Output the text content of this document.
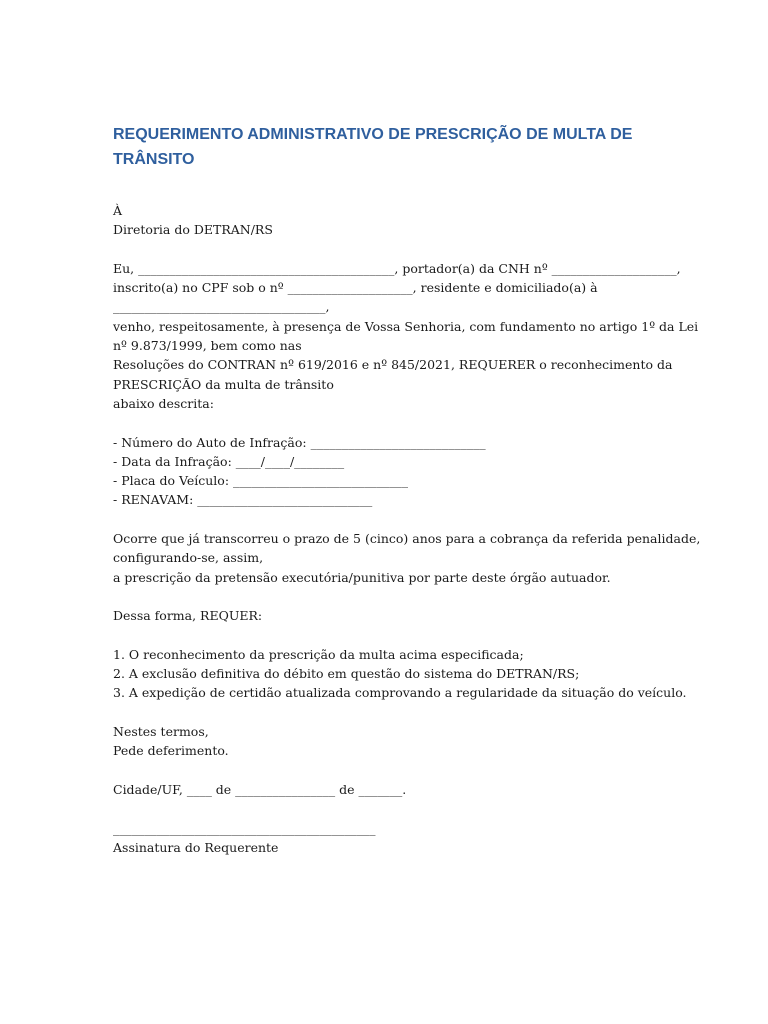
REQUERIMENTO ADMINISTRATIVO DE PRESCRIÇÃO DE MULTA DE
TRÂNSITO
À
Diretoria do DETRAN/RS
Eu, _________________________________________, portador(a) da CNH nº ____________________,
inscrito(a) no CPF sob o nº ____________________, residente e domiciliado(a) à
__________________________________,
venho, respeitosamente, à presença de Vossa Senhoria, com fundamento no artigo 1º da Lei
nº 9.873/1999, bem como nas
Resoluções do CONTRAN nº 619/2016 e nº 845/2021, REQUERER o reconhecimento da
PRESCRIÇÃO da multa de trânsito
abaixo descrita:
- Número do Auto de Infração: ____________________________
- Data da Infração: ____/____/________
- Placa do Veículo: ____________________________
- RENAVAM: ____________________________
Ocorre que já transcorreu o prazo de 5 (cinco) anos para a cobrança da referida penalidade,
configurando-se, assim,
a prescrição da pretensão executória/punitiva por parte deste órgão autuador.
Dessa forma, REQUER:
1. O reconhecimento da prescrição da multa acima especificada;
2. A exclusão definitiva do débito em questão do sistema do DETRAN/RS;
3. A expedição de certidão atualizada comprovando a regularidade da situação do veículo.
Nestes termos,
Pede deferimento.
Cidade/UF, ____ de ________________ de _______.
__________________________________________
Assinatura do Requerente
